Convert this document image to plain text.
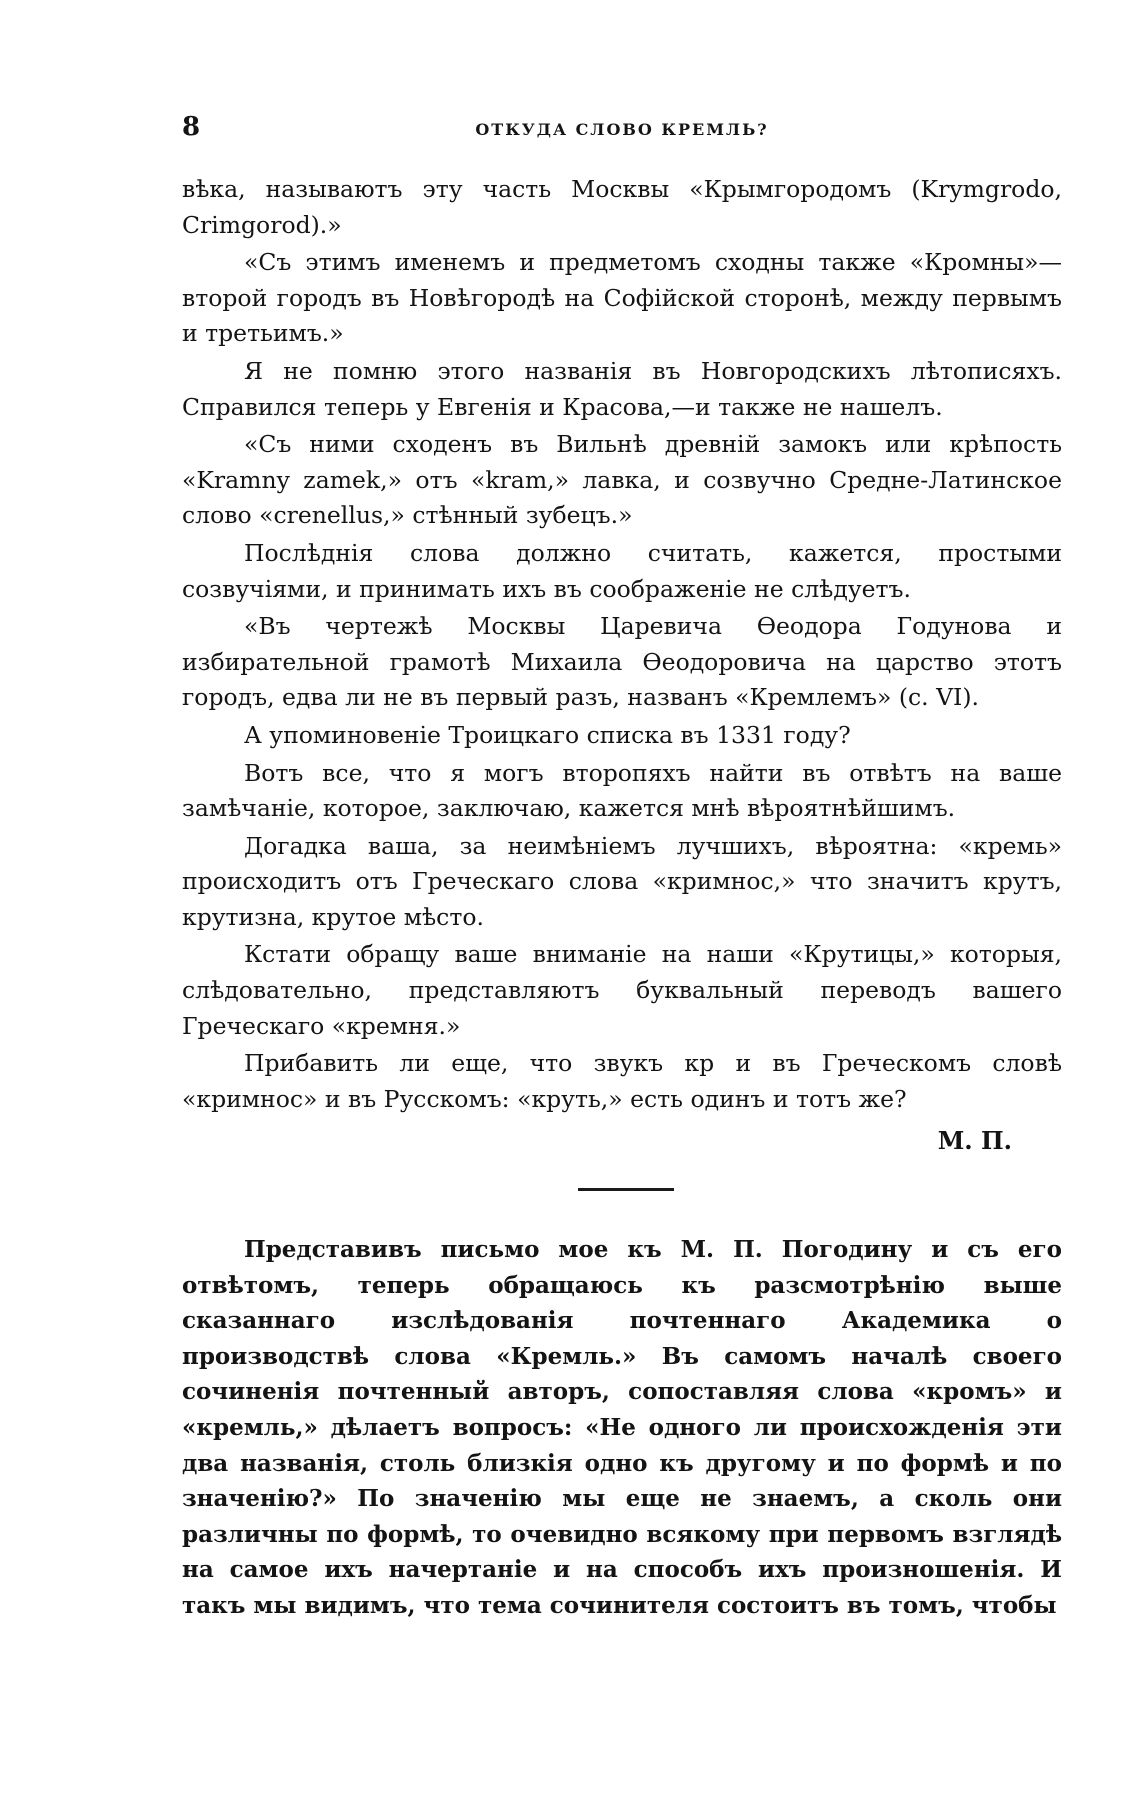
8	ОТКУДА СЛОВО КРЕМЛЬ?

вѣка, называютъ эту часть Москвы «Крымгородомъ (Krymgrodo, Crimgorod).»

«Съ этимъ именемъ и предметомъ сходны также «Кромны»— второй городъ въ Новѣгородѣ на Софійской сторонѣ, между первымъ и третьимъ.»

Я не помню этого названія въ Новгородскихъ лѣтописяхъ. Справился теперь у Евгенія и Красова,—и также не нашелъ.

«Съ ними сходенъ въ Вильнѣ древній замокъ или крѣпость «Kramny zamek,» отъ «kram,» лавка, и созвучно Средне-Латинское слово «crenellus,» стѣнный зубецъ.»

Послѣднія слова должно считать, кажется, простыми созвучіями, и принимать ихъ въ соображеніе не слѣдуетъ.

«Въ чертежѣ Москвы Царевича Ѳеодора Годунова и избирательной грамотѣ Михаила Ѳеодоровича на царство этотъ городъ, едва ли не въ первый разъ, названъ «Кремлемъ» (с. VI).

А упоминовеніе Троицкаго списка въ 1331 году?

Вотъ все, что я могъ второпяхъ найти въ отвѣтъ на ваше замѣчаніе, которое, заключаю, кажется мнѣ вѣроятнѣйшимъ.

Догадка ваша, за неимѣніемъ лучшихъ, вѣроятна: «кремь» происходитъ отъ Греческаго слова «кримнос,» что значитъ крутъ, крутизна, крутое мѣсто.

Кстати обращу ваше вниманіе на наши «Крутицы,» которыя, слѣдовательно, представляютъ буквальный переводъ вашего Греческаго «кремня.»

Прибавить ли еще, что звукъ кр и въ Греческомъ словѣ «кримнос» и въ Русскомъ: «круть,» есть одинъ и тотъ же?

М. П.

Представивъ письмо мое къ М. П. Погодину и съ его отвѣтомъ, теперь обращаюсь къ разсмотрѣнію выше сказаннаго изслѣдованія почтеннаго Академика о производствѣ слова «Кремль.» Въ самомъ началѣ своего сочиненія почтенный авторъ, сопоставляя слова «кромъ» и «кремль,» дѣлаетъ вопросъ: «Не одного ли происхожденія эти два названія, столь близкія одно къ другому и по формѣ и по значенію?» По значенію мы еще не знаемъ, а сколь они различны по формѣ, то очевидно всякому при первомъ взглядѣ на самое ихъ начертаніе и на способъ ихъ произношенія. И такъ мы видимъ, что тема сочинителя состоитъ въ томъ, чтобы
